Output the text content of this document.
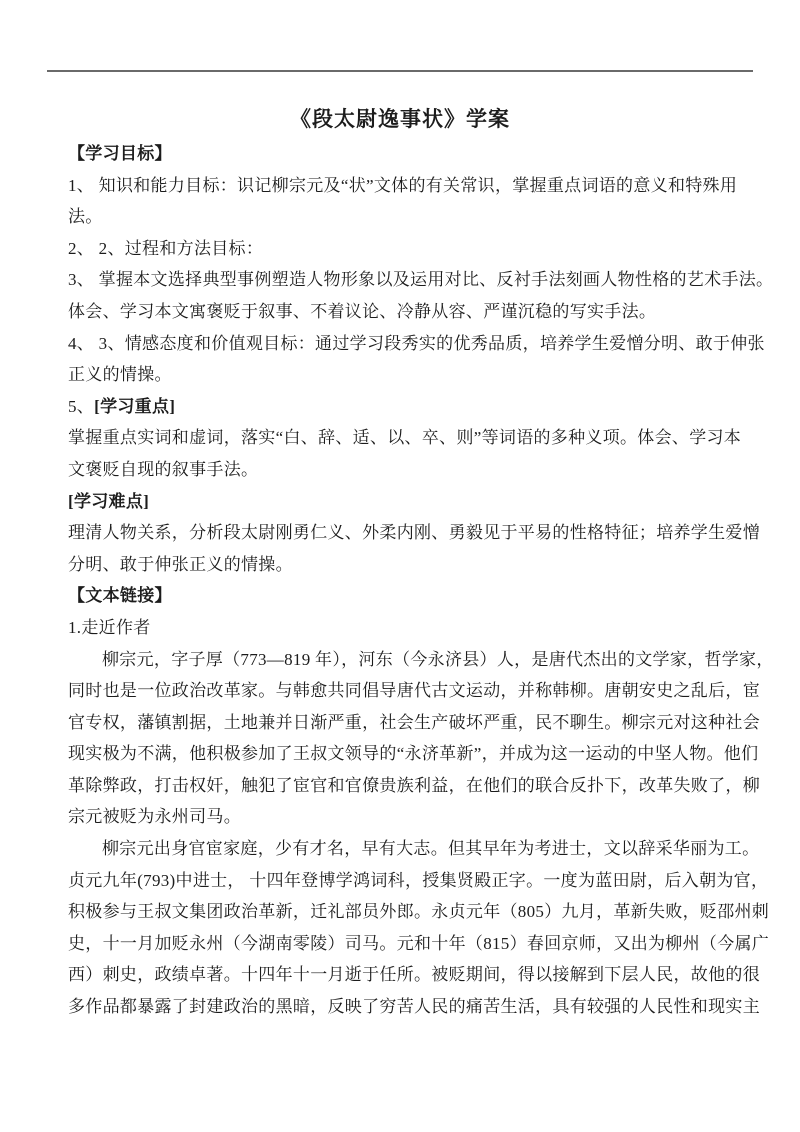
《段太尉逸事状》学案
【学习目标】
1、 知识和能力目标：识记柳宗元及“状”文体的有关常识，掌握重点词语的意义和特殊用
法。
2、 2、过程和方法目标：
3、 掌握本文选择典型事例塑造人物形象以及运用对比、反衬手法刻画人物性格的艺术手法。
体会、学习本文寓褒贬于叙事、不着议论、冷静从容、严谨沉稳的写实手法。
4、 3、情感态度和价值观目标：通过学习段秀实的优秀品质，培养学生爱憎分明、敢于伸张
正义的情操。
5、[学习重点]
掌握重点实词和虚词，落实“白、辞、适、以、卒、则”等词语的多种义项。体会、学习本
文褒贬自现的叙事手法。
[学习难点]
理清人物关系，分析段太尉刚勇仁义、外柔内刚、勇毅见于平易的性格特征；培养学生爱憎
分明、敢于伸张正义的情操。
【文本链接】
1.走近作者
柳宗元，字子厚（773—819 年），河东（今永济县）人，是唐代杰出的文学家，哲学家，
同时也是一位政治改革家。与韩愈共同倡导唐代古文运动，并称韩柳。唐朝安史之乱后，宦
官专权，藩镇割据，土地兼并日渐严重，社会生产破坏严重，民不聊生。柳宗元对这种社会
现实极为不满，他积极参加了王叔文领导的“永济革新”，并成为这一运动的中坚人物。他们
革除弊政，打击权奸，触犯了宦官和官僚贵族利益，在他们的联合反扑下，改革失败了，柳
宗元被贬为永州司马。
柳宗元出身官宦家庭，少有才名，早有大志。但其早年为考进士，文以辞采华丽为工。
贞元九年(793)中进士， 十四年登博学鸿词科，授集贤殿正字。一度为蓝田尉，后入朝为官，
积极参与王叔文集团政治革新，迁礼部员外郎。永贞元年（805）九月，革新失败，贬邵州刺
史，十一月加贬永州（今湖南零陵）司马。元和十年（815）春回京师，又出为柳州（今属广
西）刺史，政绩卓著。十四年十一月逝于任所。被贬期间，得以接解到下层人民，故他的很
多作品都暴露了封建政治的黑暗，反映了穷苦人民的痛苦生活，具有较强的人民性和现实主
